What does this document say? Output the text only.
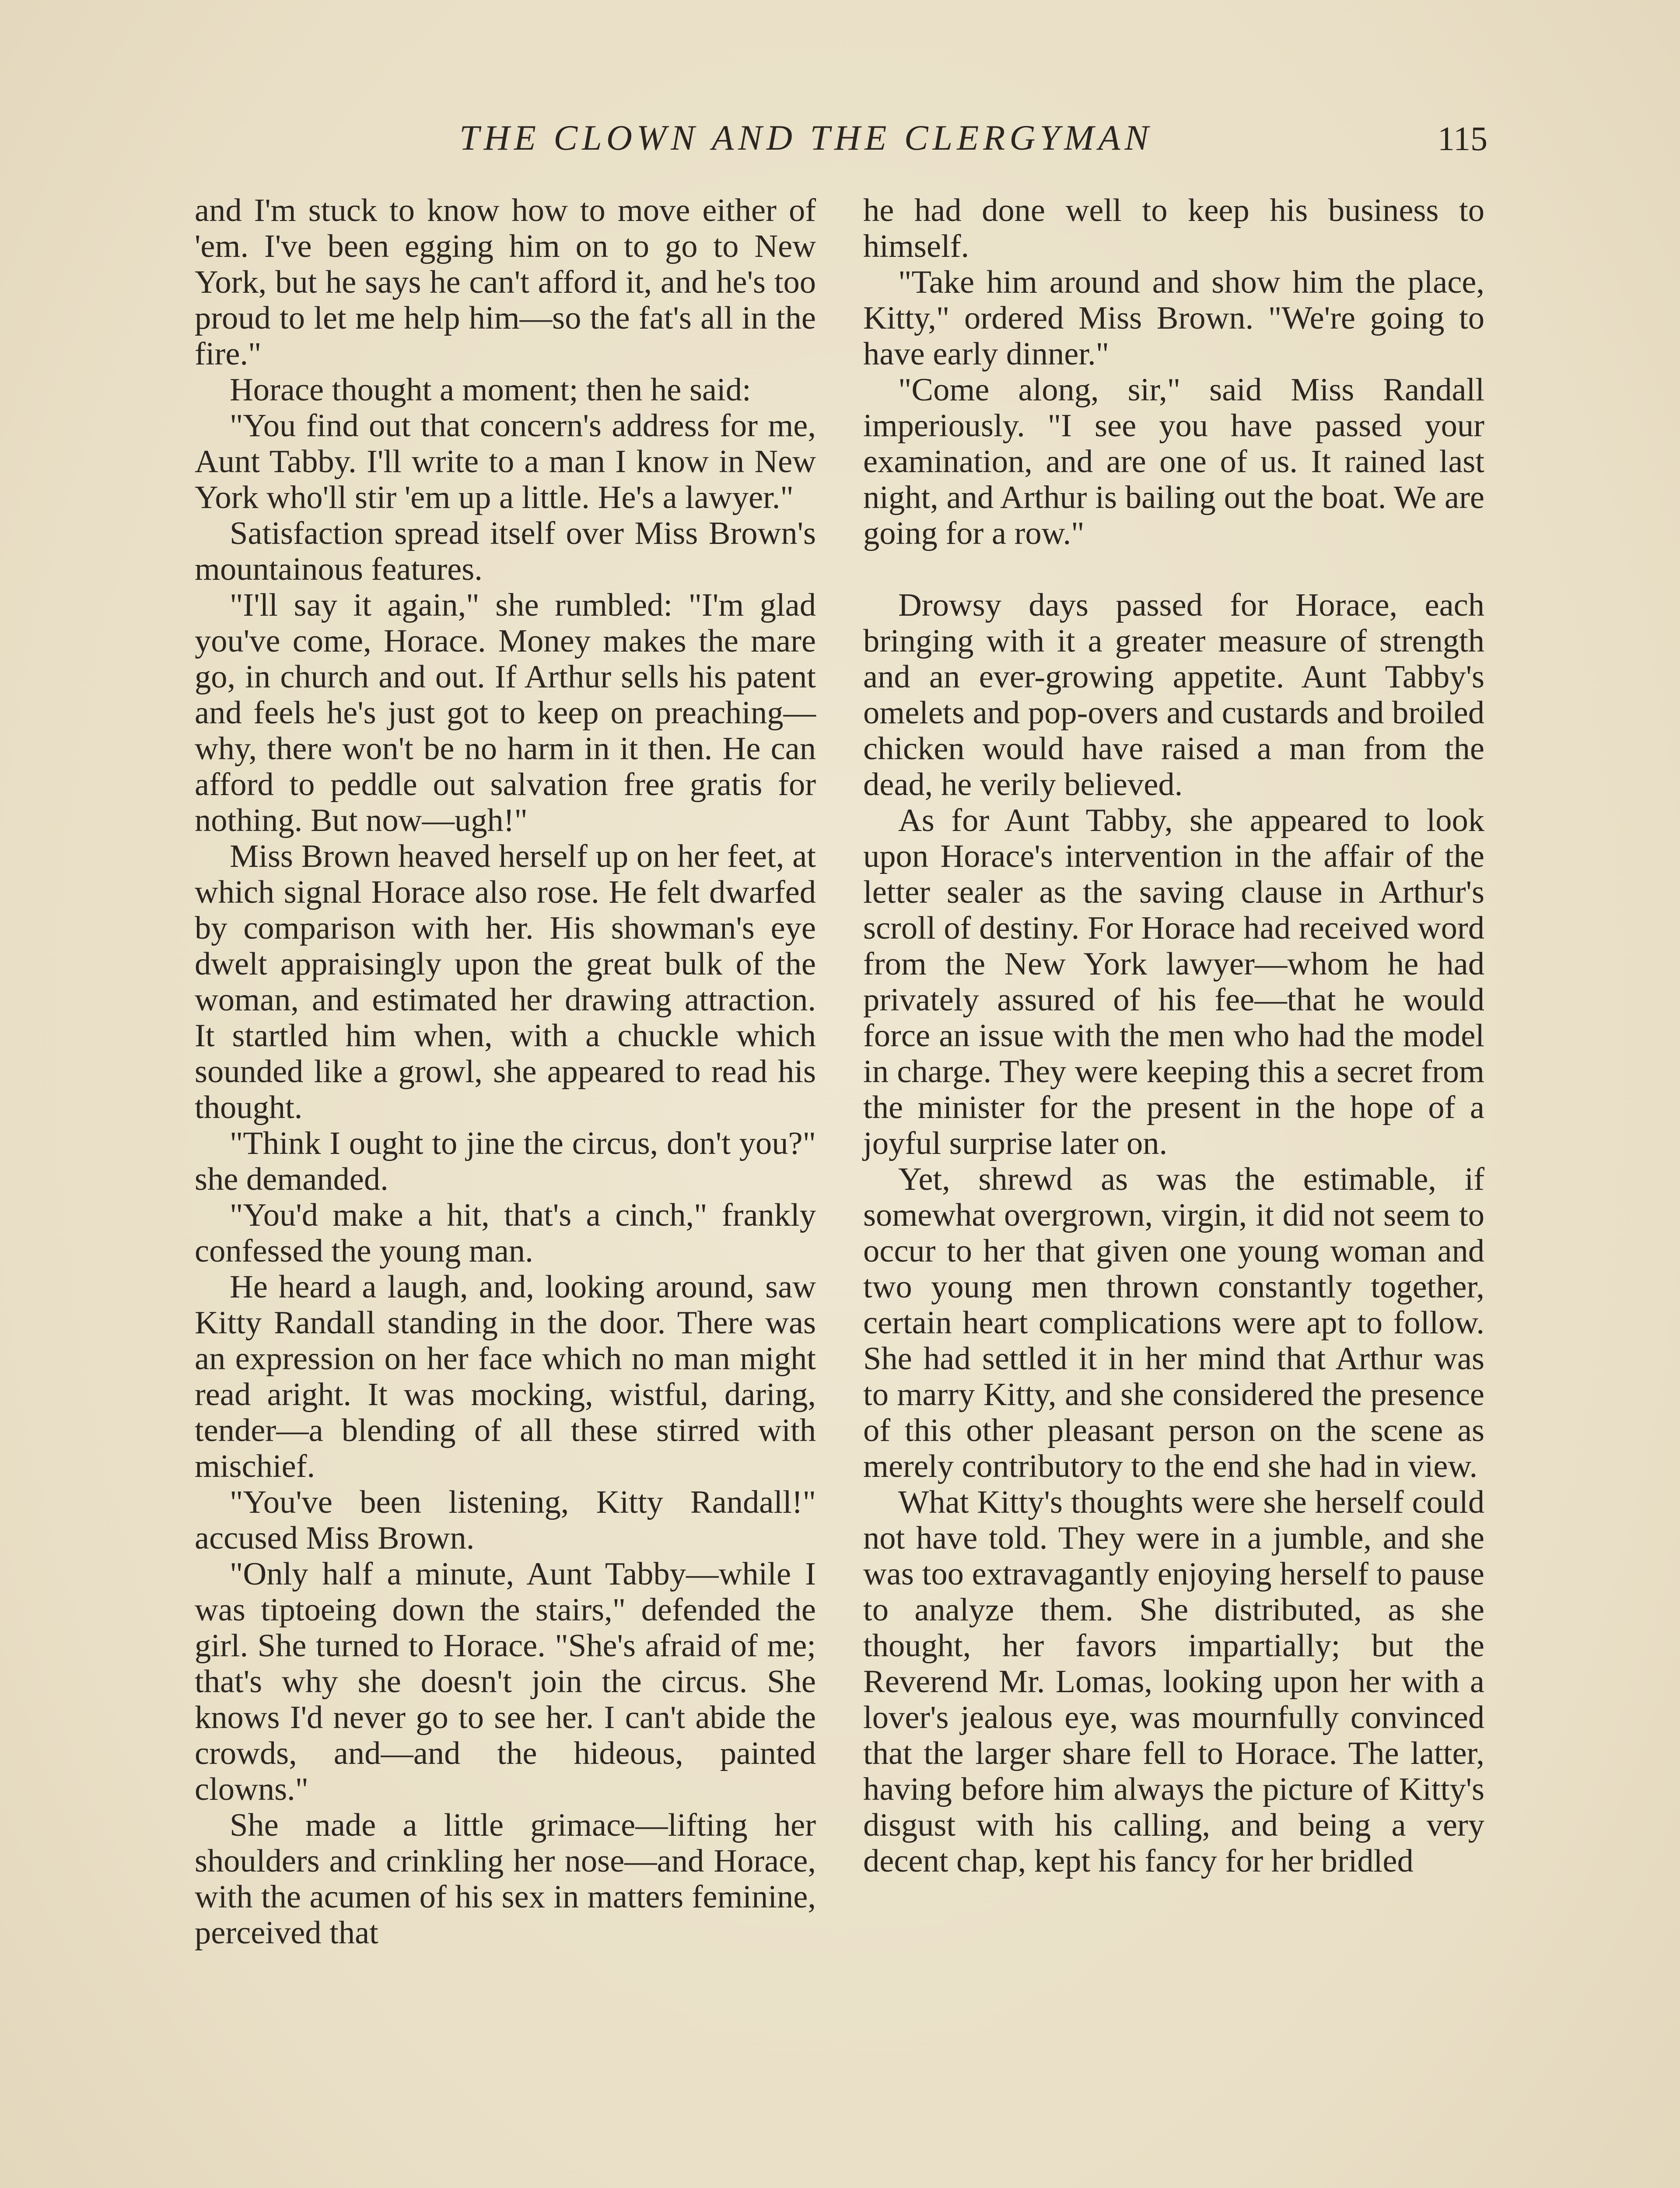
THE CLOWN AND THE CLERGYMAN	115

and I'm stuck to know how to move either of 'em. I've been egging him on to go to New York, but he says he can't afford it, and he's too proud to let me help him—so the fat's all in the fire."

Horace thought a moment; then he said:

"You find out that concern's address for me, Aunt Tabby. I'll write to a man I know in New York who'll stir 'em up a little. He's a lawyer."

Satisfaction spread itself over Miss Brown's mountainous features.

"I'll say it again," she rumbled: "I'm glad you've come, Horace. Money makes the mare go, in church and out. If Arthur sells his patent and feels he's just got to keep on preaching—why, there won't be no harm in it then. He can afford to peddle out salvation free gratis for nothing. But now—ugh!"

Miss Brown heaved herself up on her feet, at which signal Horace also rose. He felt dwarfed by comparison with her. His showman's eye dwelt appraisingly upon the great bulk of the woman, and estimated her drawing attraction. It startled him when, with a chuckle which sounded like a growl, she appeared to read his thought.

"Think I ought to jine the circus, don't you?" she demanded.

"You'd make a hit, that's a cinch," frankly confessed the young man.

He heard a laugh, and, looking around, saw Kitty Randall standing in the door. There was an expression on her face which no man might read aright. It was mocking, wistful, daring, tender—a blending of all these stirred with mischief.

"You've been listening, Kitty Randall!" accused Miss Brown.

"Only half a minute, Aunt Tabby—while I was tiptoeing down the stairs," defended the girl. She turned to Horace. "She's afraid of me; that's why she doesn't join the circus. She knows I'd never go to see her. I can't abide the crowds, and—and the hideous, painted clowns."

She made a little grimace—lifting her shoulders and crinkling her nose—and Horace, with the acumen of his sex in matters feminine, perceived that

he had done well to keep his business to himself.

"Take him around and show him the place, Kitty," ordered Miss Brown. "We're going to have early dinner."

"Come along, sir," said Miss Randall imperiously. "I see you have passed your examination, and are one of us. It rained last night, and Arthur is bailing out the boat. We are going for a row."

Drowsy days passed for Horace, each bringing with it a greater measure of strength and an ever-growing appetite. Aunt Tabby's omelets and pop-overs and custards and broiled chicken would have raised a man from the dead, he verily believed.

As for Aunt Tabby, she appeared to look upon Horace's intervention in the affair of the letter sealer as the saving clause in Arthur's scroll of destiny. For Horace had received word from the New York lawyer—whom he had privately assured of his fee—that he would force an issue with the men who had the model in charge. They were keeping this a secret from the minister for the present in the hope of a joyful surprise later on.

Yet, shrewd as was the estimable, if somewhat overgrown, virgin, it did not seem to occur to her that given one young woman and two young men thrown constantly together, certain heart complications were apt to follow. She had settled it in her mind that Arthur was to marry Kitty, and she considered the presence of this other pleasant person on the scene as merely contributory to the end she had in view.

What Kitty's thoughts were she herself could not have told. They were in a jumble, and she was too extravagantly enjoying herself to pause to analyze them. She distributed, as she thought, her favors impartially; but the Reverend Mr. Lomas, looking upon her with a lover's jealous eye, was mournfully convinced that the larger share fell to Horace. The latter, having before him always the picture of Kitty's disgust with his calling, and being a very decent chap, kept his fancy for her bridled
